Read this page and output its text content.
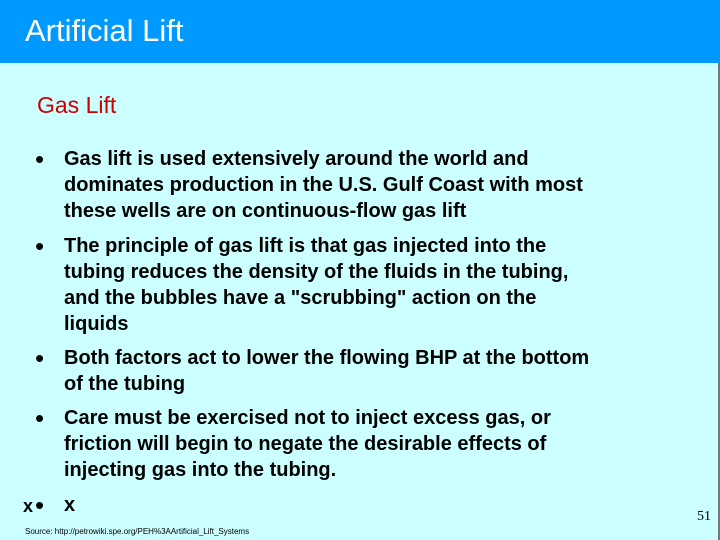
Artificial Lift
Gas Lift
• Gas lift is used extensively around the world and
dominates production in the U.S. Gulf Coast with most
these wells are on continuous-flow gas lift
• The principle of gas lift is that gas injected into the
tubing reduces the density of the fluids in the tubing,
and the bubbles have a "scrubbing" action on the
liquids
• Both factors act to lower the flowing BHP at the bottom
of the tubing
• Care must be exercised not to inject excess gas, or
friction will begin to negate the desirable effects of
injecting gas into the tubing.
• x
x
Source: http://petrowiki.spe.org/PEH%3AArtificial_Lift_Systems
51
